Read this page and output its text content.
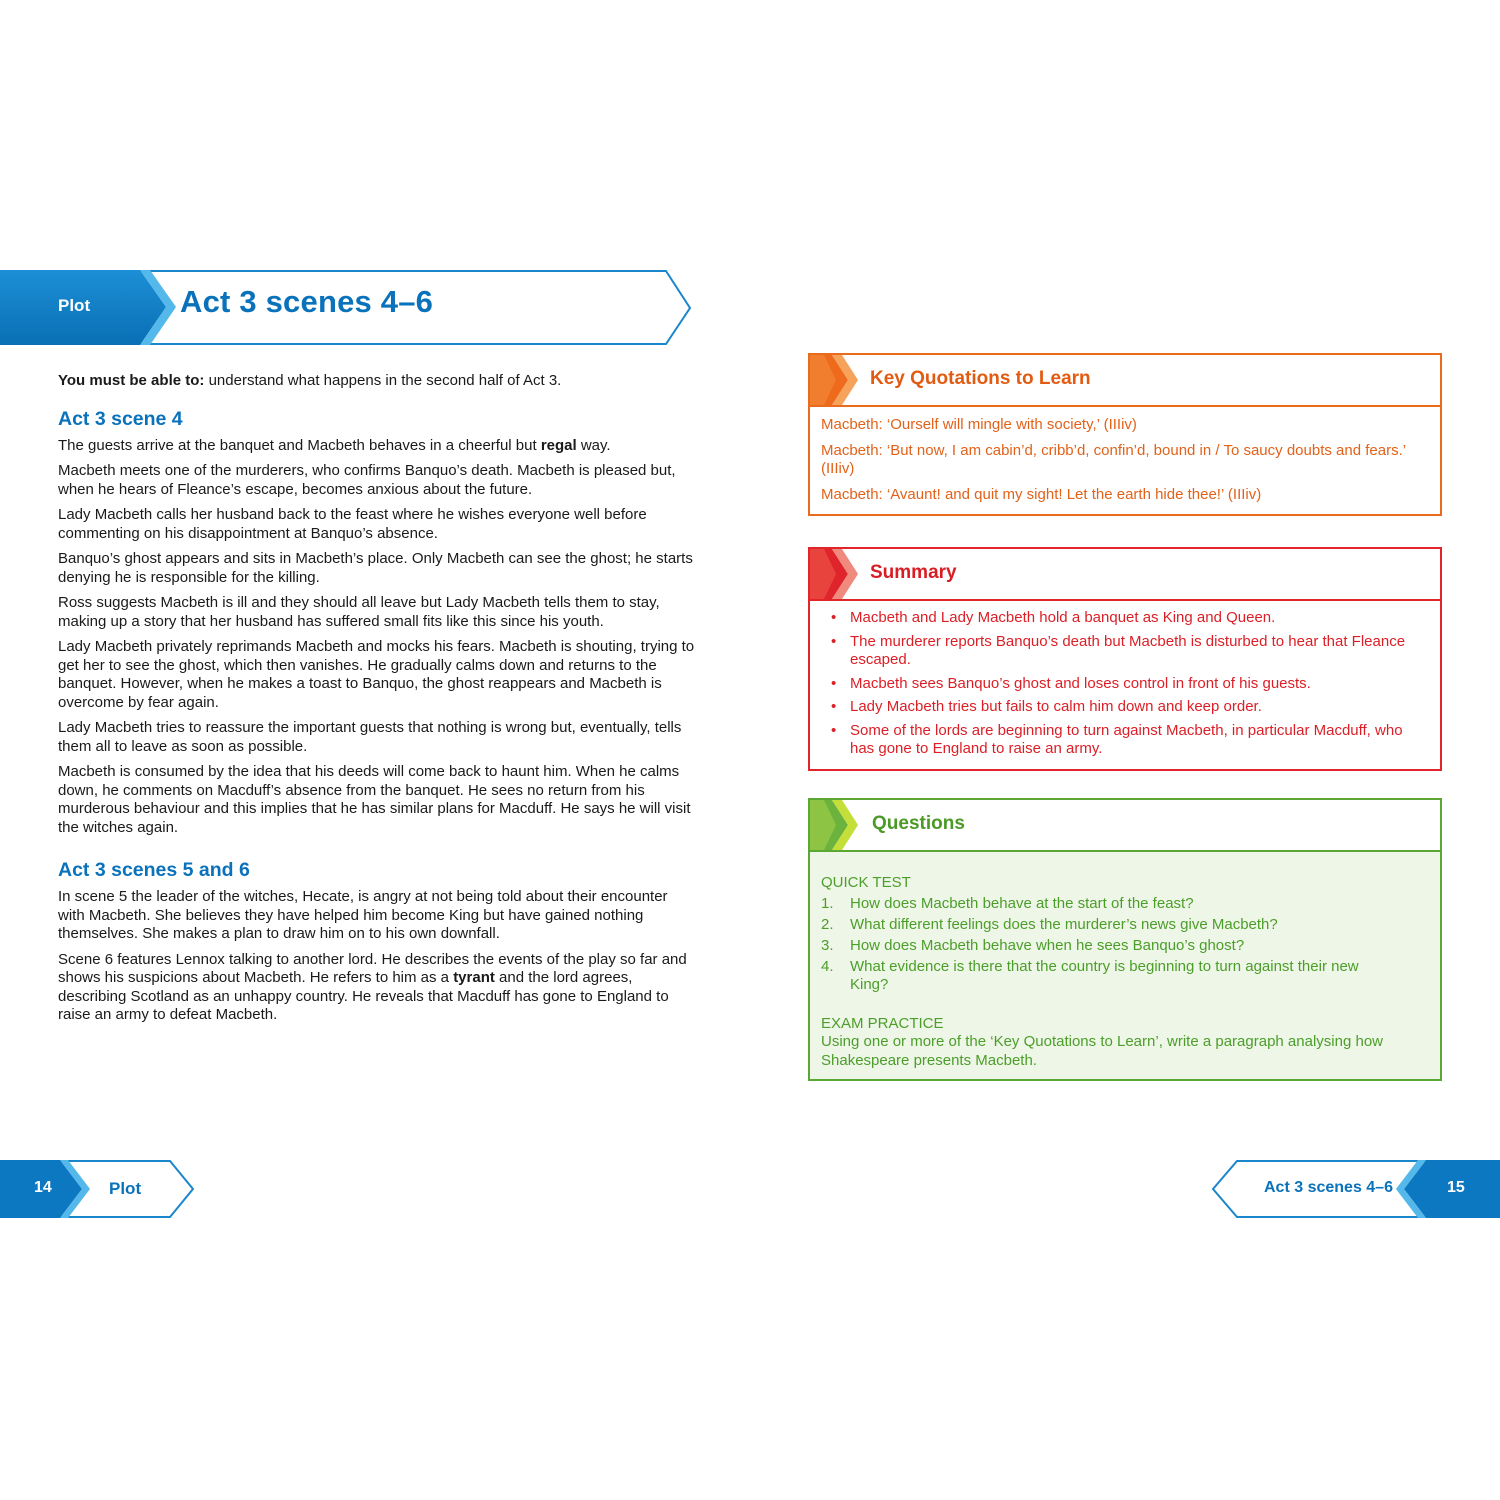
Plot	Act 3 scenes 4–6

You must be able to: understand what happens in the second half of Act 3.

Act 3 scene 4

The guests arrive at the banquet and Macbeth behaves in a cheerful but regal way.

Macbeth meets one of the murderers, who confirms Banquo’s death. Macbeth is pleased but, when he hears of Fleance’s escape, becomes anxious about the future.

Lady Macbeth calls her husband back to the feast where he wishes everyone well before commenting on his disappointment at Banquo’s absence.

Banquo’s ghost appears and sits in Macbeth’s place. Only Macbeth can see the ghost; he starts denying he is responsible for the killing.

Ross suggests Macbeth is ill and they should all leave but Lady Macbeth tells them to stay, making up a story that her husband has suffered small fits like this since his youth.

Lady Macbeth privately reprimands Macbeth and mocks his fears. Macbeth is shouting, trying to get her to see the ghost, which then vanishes. He gradually calms down and returns to the banquet. However, when he makes a toast to Banquo, the ghost reappears and Macbeth is overcome by fear again.

Lady Macbeth tries to reassure the important guests that nothing is wrong but, eventually, tells them all to leave as soon as possible.

Macbeth is consumed by the idea that his deeds will come back to haunt him. When he calms down, he comments on Macduff’s absence from the banquet. He sees no return from his murderous behaviour and this implies that he has similar plans for Macduff. He says he will visit the witches again.

Act 3 scenes 5 and 6

In scene 5 the leader of the witches, Hecate, is angry at not being told about their encounter with Macbeth. She believes they have helped him become King but have gained nothing themselves. She makes a plan to draw him on to his own downfall.

Scene 6 features Lennox talking to another lord. He describes the events of the play so far and shows his suspicions about Macbeth. He refers to him as a tyrant and the lord agrees, describing Scotland as an unhappy country. He reveals that Macduff has gone to England to raise an army to defeat Macbeth.

Key Quotations to Learn

Macbeth: ‘Ourself will mingle with society,’ (IIIiv)

Macbeth: ‘But now, I am cabin’d, cribb’d, confin’d, bound in / To saucy doubts and fears.’ (IIIiv)

Macbeth: ‘Avaunt! and quit my sight! Let the earth hide thee!’ (IIIiv)

Summary
• Macbeth and Lady Macbeth hold a banquet as King and Queen.
• The murderer reports Banquo’s death but Macbeth is disturbed to hear that Fleance escaped.
• Macbeth sees Banquo’s ghost and loses control in front of his guests.
• Lady Macbeth tries but fails to calm him down and keep order.
• Some of the lords are beginning to turn against Macbeth, in particular Macduff, who has gone to England to raise an army.
Questions
QUICK TEST
1. How does Macbeth behave at the start of the feast?
2. What different feelings does the murderer’s news give Macbeth?
3. How does Macbeth behave when he sees Banquo’s ghost?
4. What evidence is there that the country is beginning to turn against their new King?
EXAM PRACTICE
Using one or more of the ‘Key Quotations to Learn’, write a paragraph analysing how Shakespeare presents Macbeth.
14	Plot	Act 3 scenes 4–6	15
